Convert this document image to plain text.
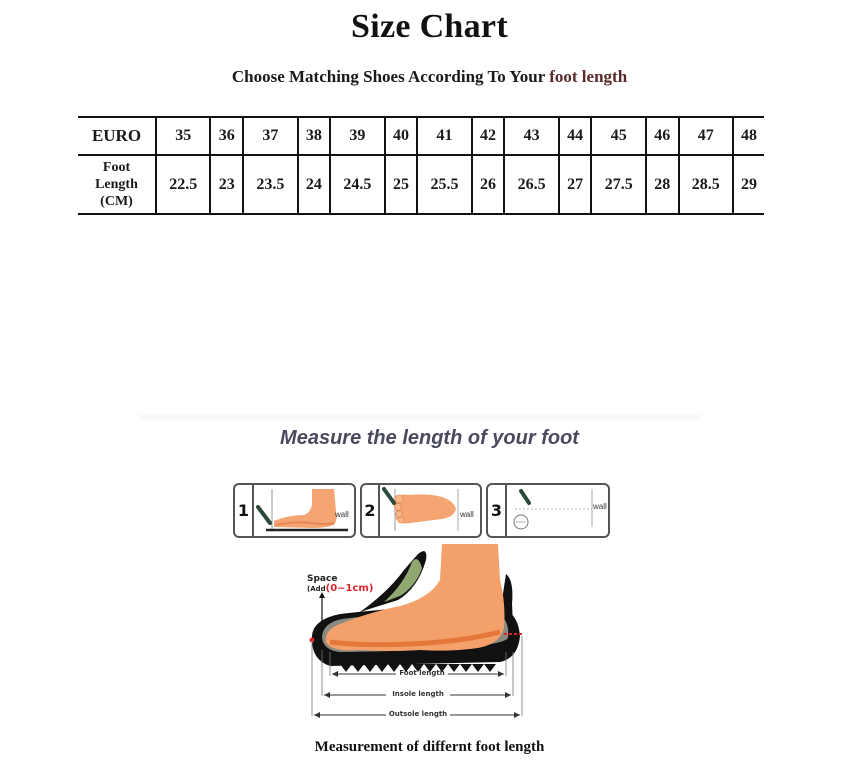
Size Chart
Choose Matching Shoes According To Your foot length
EURO	35	36	37	38	39	40	41	42	43	44	45	46	47	48

Foot
Length
(CM)	22.5	23	23.5	24	24.5	25	25.5	26	26.5	27	27.5	28	28.5	29
Measure the length of your foot
1	wall 2	wall 3	wall
Space
(Add(0~1cm)
Foot length
Insole length
Outsole length
Measurement of differnt foot length
